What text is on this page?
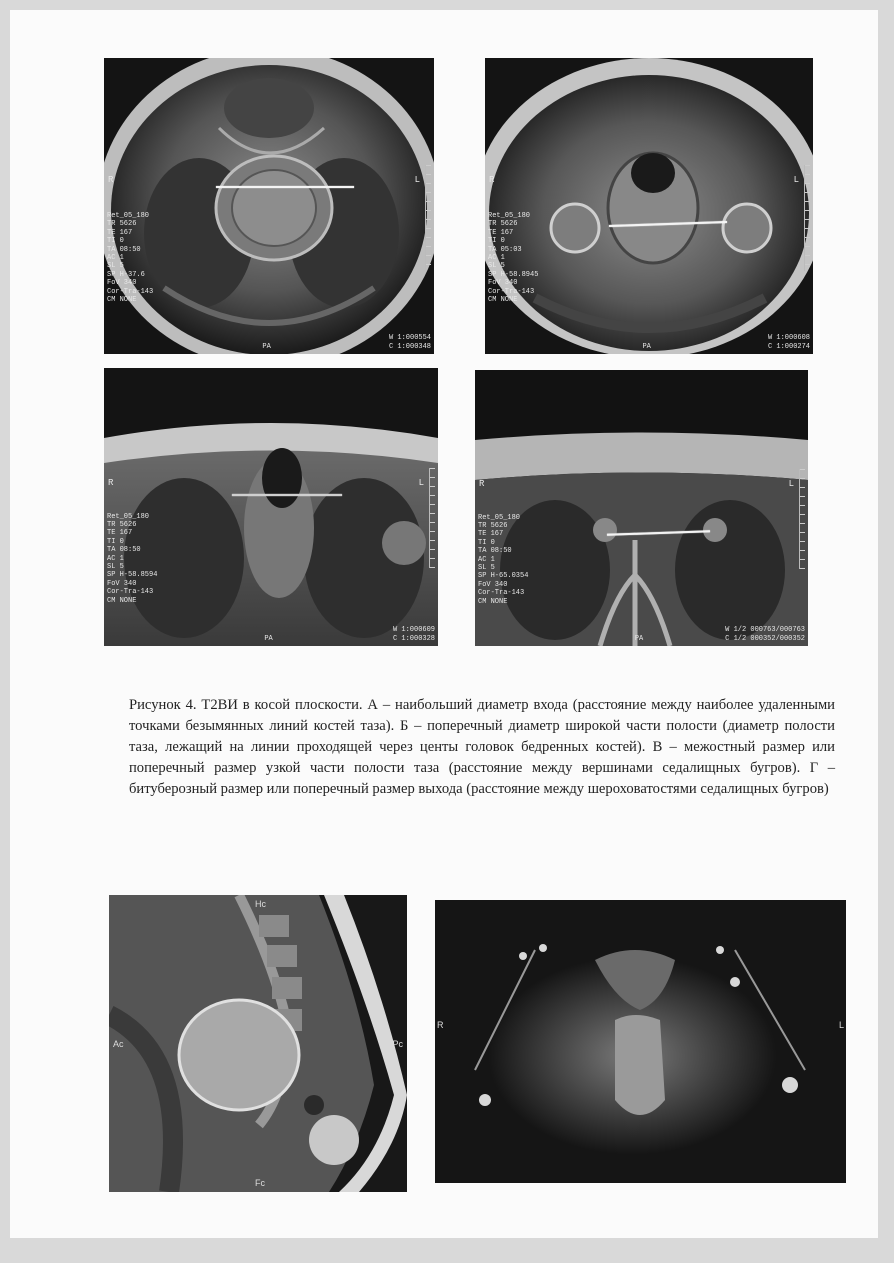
R	L
Ret_05_180
TR 5626
TE 167
TI 0
TA 08:50
AC 1
SL 5
SP H-37.6
FoV 340
Cor-Tra-143
CM NONE
PA
W 1:000554
C 1:000348
R	L
Ret_05_180
TR 5626
TE 167
TI 0
TA 05:03
AC 1
SL 5
SP H-58.8945
FoV 340
Cor-Tra-143
CM NONE
PA
W 1:000608
C 1:000274
R	L
Ret_05_180
TR 5626
TE 167
TI 0
TA 08:50
AC 1
SL 5
SP H-58.8594
FoV 340
Cor-Tra-143
CM NONE
PA
W 1:000609
C 1:000328
R	L
Ret_05_180
TR 5626
TE 167
TI 0
TA 08:50
AC 1
SL 5
SP H-65.0354
FoV 340
Cor-Tra-143
CM NONE
PA
W 1/2 000763/000763
C 1/2 000352/000352

Рисунок 4. Т2ВИ в косой плоскости. А – наибольший диаметр входа (расстояние между наиболее удаленными точками безымянных линий костей таза). Б – поперечный диаметр широкой части полости (диаметр полости таза, лежащий на линии проходящей через центы головок бедренных костей). В – межостный размер или поперечный размер узкой части полости таза (расстояние между вершинами седалищных бугров). Г – битуберозный размер или поперечный размер выхода (расстояние между шероховатостями седалищных бугров)

Hc
Ac	Pc
Fc
R	L
